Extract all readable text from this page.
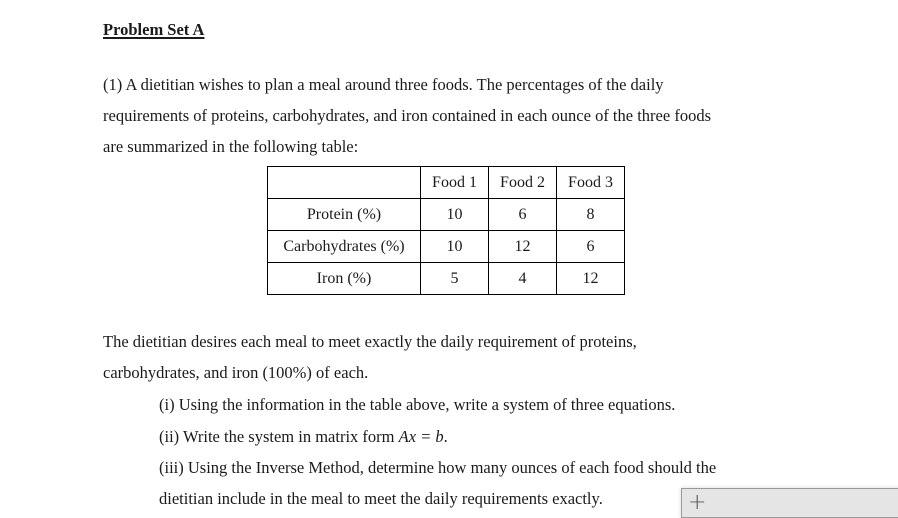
Problem Set A
(1) A dietitian wishes to plan a meal around three foods. The percentages of the daily
requirements of proteins, carbohydrates, and iron contained in each ounce of the three foods
are summarized in the following table:
	Food 1	Food 2	Food 3
Protein (%)	10	6	8
Carbohydrates (%)	10	12	6
Iron (%)	5	4	12
The dietitian desires each meal to meet exactly the daily requirement of proteins,
carbohydrates, and iron (100%) of each.
(i) Using the information in the table above, write a system of three equations.
(ii) Write the system in matrix form Ax = b.
(iii) Using the Inverse Method, determine how many ounces of each food should the
dietitian include in the meal to meet the daily requirements exactly.	+
